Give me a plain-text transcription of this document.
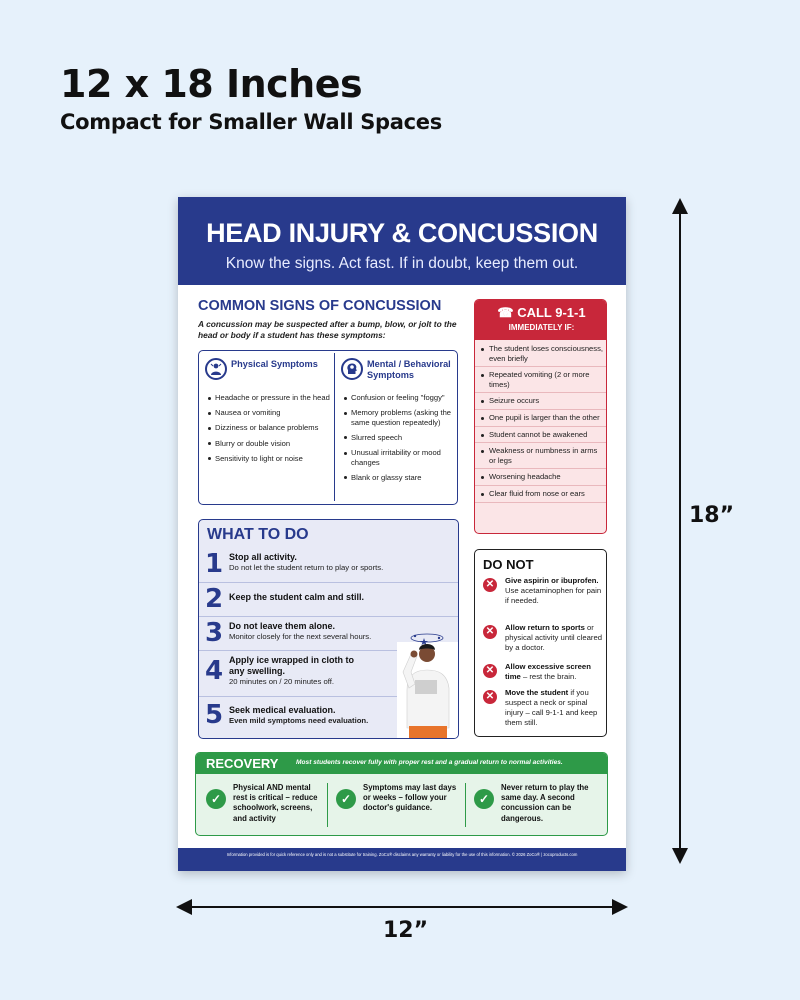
12 x 18 Inches
Compact for Smaller Wall Spaces
18”
12”
HEAD INJURY & CONCUSSION
Know the signs. Act fast. If in doubt, keep them out.
COMMON SIGNS OF CONCUSSION
A concussion may be suspected after a bump, blow, or jolt to the head or body if a student has these symptoms:
Physical Symptoms
Headache or pressure in the head
Nausea or vomiting
Dizziness or balance problems
Blurry or double vision
Sensitivity to light or noise
Mental / Behavioral Symptoms
Confusion or feeling "foggy"
Memory problems (asking the same question repeatedly)
Slurred speech
Unusual irritability or mood changes
Blank or glassy stare
☎ CALL 9-1-1
IMMEDIATELY IF:
The student loses consciousness, even briefly
Repeated vomiting (2 or more times)
Seizure occurs
One pupil is larger than the other
Student cannot be awakened
Weakness or numbness in arms or legs
Worsening headache
Clear fluid from nose or ears
WHAT TO DO
1 Stop all activity.
Do not let the student return to play or sports.
2 Keep the student calm and still.
3 Do not leave them alone.
Monitor closely for the next several hours.
4 Apply ice wrapped in cloth to any swelling.
20 minutes on / 20 minutes off.
5 Seek medical evaluation.
Even mild symptoms need evaluation.
DO NOT
✕	Give aspirin or ibuprofen. Use acetaminophen for pain if needed.
✕	Allow return to sports or physical activity until cleared by a doctor.
✕	Allow excessive screen time – rest the brain.
✕	Move the student if you suspect a neck or spinal injury – call 9-1-1 and keep them still.
RECOVERY	Most students recover fully with proper rest and a gradual return to normal activities.
✓
Physical AND mental rest is critical – reduce schoolwork, screens, and activity
✓
Symptoms may last days or weeks – follow your doctor's guidance.
✓
Never return to play the same day. A second concussion can be dangerous.
Information provided is for quick reference only and is not a substitute for training. ZoCo® disclaims any warranty or liability for the use of this information. © 2026 ZoCo® | zocoproducts.com
